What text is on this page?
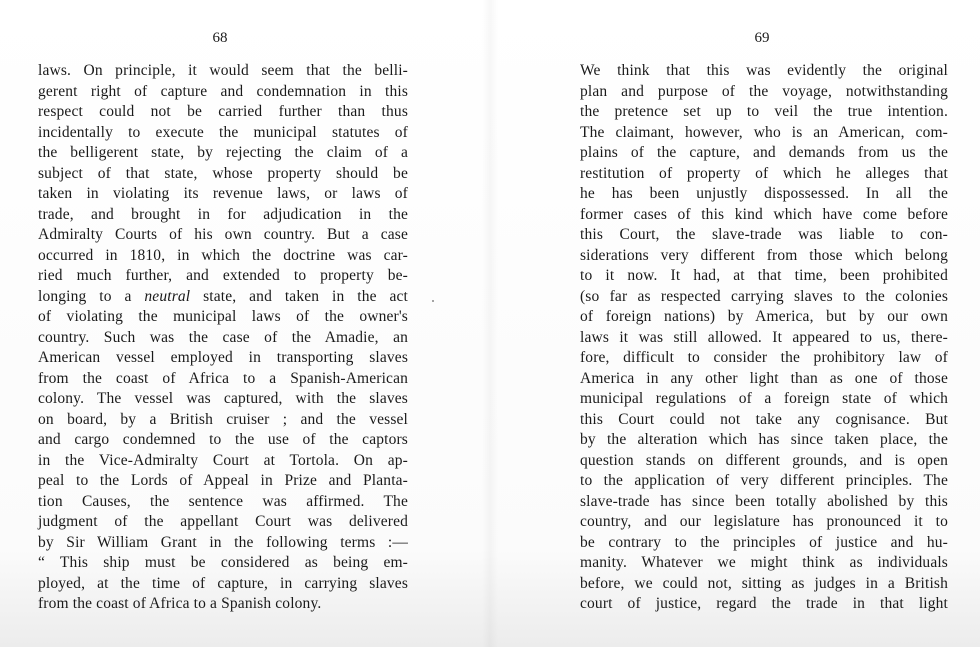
68
laws. On principle, it would seem that the belli-
gerent right of capture and condemnation in this
respect could not be carried further than thus
incidentally to execute the municipal statutes of
the belligerent state, by rejecting the claim of a
subject of that state, whose property should be
taken in violating its revenue laws, or laws of
trade, and brought in for adjudication in the
Admiralty Courts of his own country. But a case
occurred in 1810, in which the doctrine was car-
ried much further, and extended to property be-
longing to a neutral state, and taken in the act
of violating the municipal laws of the owner's
country. Such was the case of the Amadie, an
American vessel employed in transporting slaves
from the coast of Africa to a Spanish-American
colony. The vessel was captured, with the slaves
on board, by a British cruiser ; and the vessel
and cargo condemned to the use of the captors
in the Vice-Admiralty Court at Tortola. On ap-
peal to the Lords of Appeal in Prize and Planta-
tion Causes, the sentence was affirmed. The
judgment of the appellant Court was delivered
by Sir William Grant in the following terms :—
“ This ship must be considered as being em-
ployed, at the time of capture, in carrying slaves
from the coast of Africa to a Spanish colony.
69
We think that this was evidently the original
plan and purpose of the voyage, notwithstanding
the pretence set up to veil the true intention.
The claimant, however, who is an American, com-
plains of the capture, and demands from us the
restitution of property of which he alleges that
he has been unjustly dispossessed. In all the
former cases of this kind which have come before
this Court, the slave-trade was liable to con-
siderations very different from those which belong
to it now. It had, at that time, been prohibited
(so far as respected carrying slaves to the colonies
of foreign nations) by America, but by our own
laws it was still allowed. It appeared to us, there-
fore, difficult to consider the prohibitory law of
America in any other light than as one of those
municipal regulations of a foreign state of which
this Court could not take any cognisance. But
by the alteration which has since taken place, the
question stands on different grounds, and is open
to the application of very different principles. The
slave-trade has since been totally abolished by this
country, and our legislature has pronounced it to
be contrary to the principles of justice and hu-
manity. Whatever we might think as individuals
before, we could not, sitting as judges in a British
court of justice, regard the trade in that light
